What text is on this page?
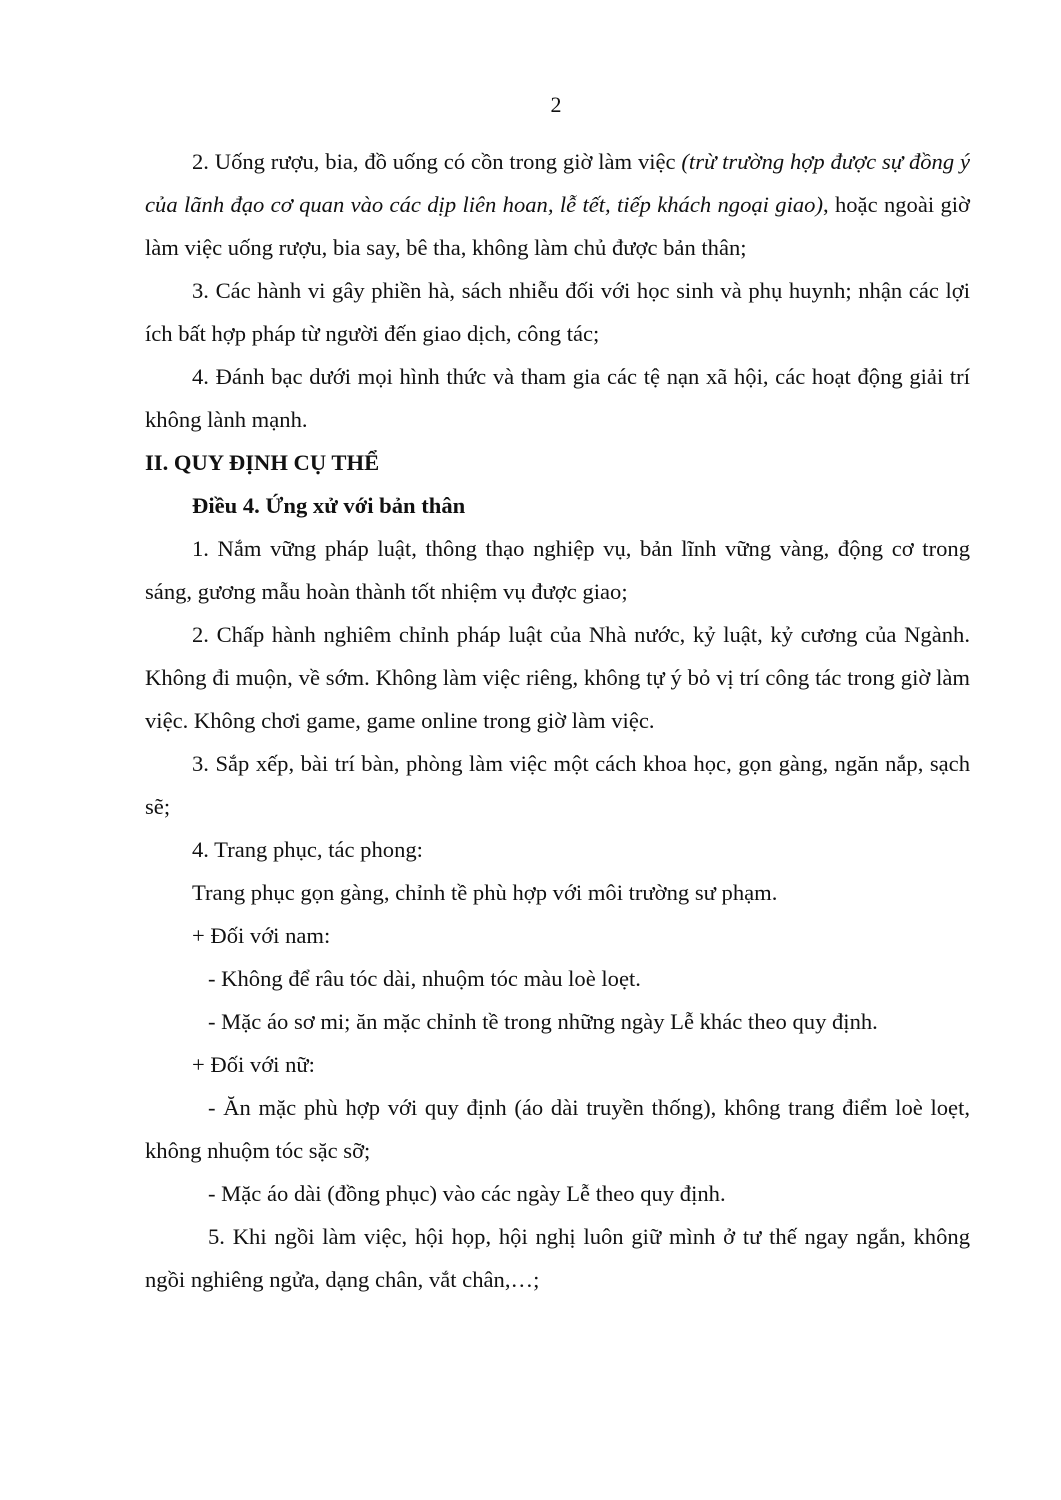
2

2. Uống rượu, bia, đồ uống có cồn trong giờ làm việc (trừ trường hợp được sự đồng ý của lãnh đạo cơ quan vào các dịp liên hoan, lễ tết, tiếp khách ngoại giao), hoặc ngoài giờ làm việc uống rượu, bia say, bê tha, không làm chủ được bản thân;

3. Các hành vi gây phiền hà, sách nhiễu đối với học sinh và phụ huynh; nhận các lợi ích bất hợp pháp từ người đến giao dịch, công tác;

4. Đánh bạc dưới mọi hình thức và tham gia các tệ nạn xã hội, các hoạt động giải trí không lành mạnh.

II. QUY ĐỊNH CỤ THỂ

Điều 4. Ứng xử với bản thân

1. Nắm vững pháp luật, thông thạo nghiệp vụ, bản lĩnh vững vàng, động cơ trong sáng, gương mẫu hoàn thành tốt nhiệm vụ được giao;

2. Chấp hành nghiêm chỉnh pháp luật của Nhà nước, kỷ luật, kỷ cương của Ngành. Không đi muộn, về sớm. Không làm việc riêng, không tự ý bỏ vị trí công tác trong giờ làm việc. Không chơi game, game online trong giờ làm việc.

3. Sắp xếp, bài trí bàn, phòng làm việc một cách khoa học, gọn gàng, ngăn nắp, sạch sẽ;

4. Trang phục, tác phong:

Trang phục gọn gàng, chỉnh tề phù hợp với môi trường sư phạm.

+ Đối với nam:

- Không để râu tóc dài, nhuộm tóc màu loè loẹt.

- Mặc áo sơ mi; ăn mặc chỉnh tề trong những ngày Lễ khác theo quy định.

+ Đối với nữ:

- Ăn mặc phù hợp với quy định (áo dài truyền thống), không trang điểm loè loẹt, không nhuộm tóc sặc sỡ;

- Mặc áo dài (đồng phục) vào các ngày Lễ theo quy định.

5. Khi ngồi làm việc, hội họp, hội nghị luôn giữ mình ở tư thế ngay ngắn, không ngồi nghiêng ngửa, dạng chân, vắt chân,…;
